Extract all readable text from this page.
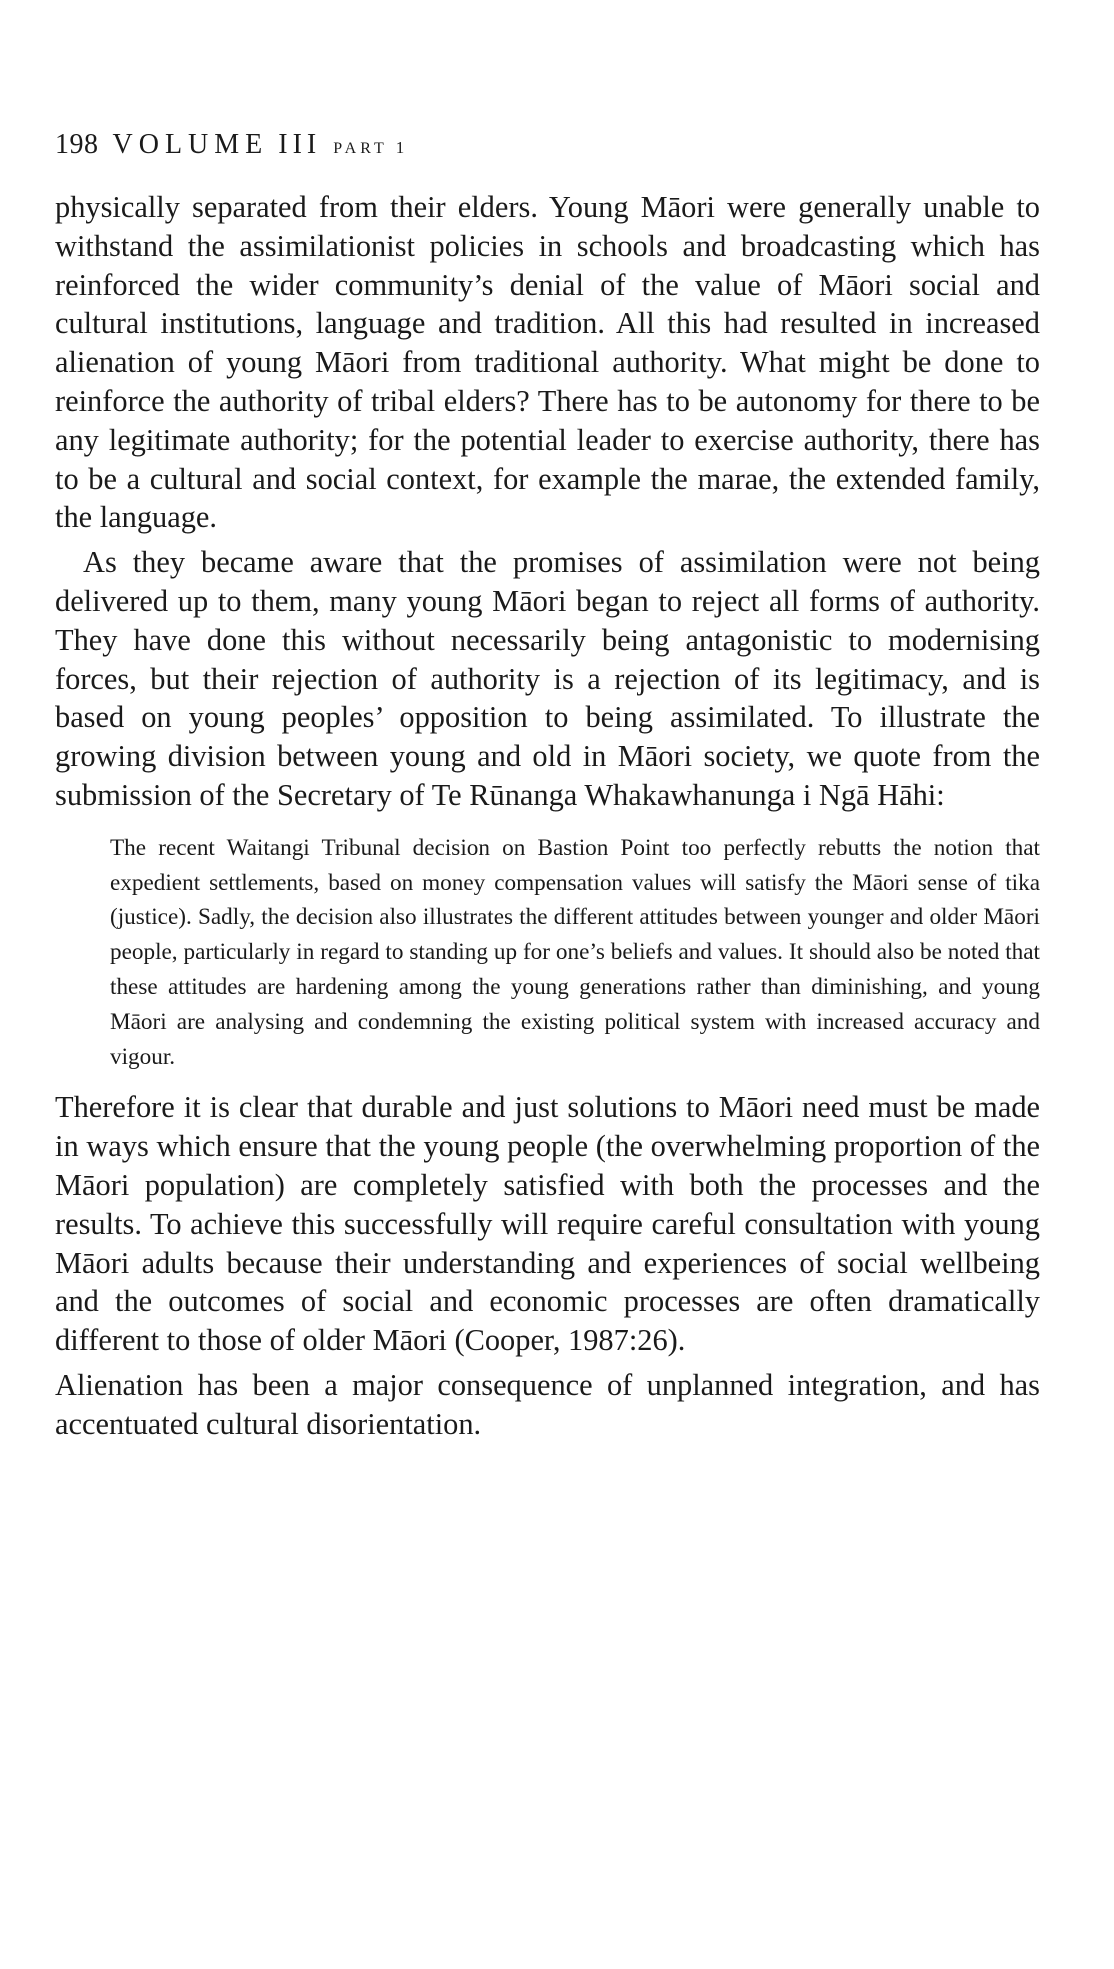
198 VOLUME III PART 1

physically separated from their elders. Young Māori were generally unable to withstand the assimilationist policies in schools and broadcasting which has reinforced the wider community’s denial of the value of Māori social and cultural institutions, language and tradition. All this had resulted in increased alienation of young Māori from traditional authority. What might be done to reinforce the authority of tribal elders? There has to be autonomy for there to be any legitimate authority; for the potential leader to exercise authority, there has to be a cultural and social context, for example the marae, the extended family, the language.

As they became aware that the promises of assimilation were not being delivered up to them, many young Māori began to reject all forms of authority. They have done this without necessarily being antagonistic to modernising forces, but their rejection of authority is a rejection of its legitimacy, and is based on young peoples’ opposition to being assimilated. To illustrate the growing division between young and old in Māori society, we quote from the submission of the Secretary of Te Rūnanga Whakawhanunga i Ngā Hāhi:

The recent Waitangi Tribunal decision on Bastion Point too perfectly rebutts the notion that expedient settlements, based on money compensation values will satisfy the Māori sense of tika (justice). Sadly, the decision also illustrates the different attitudes between younger and older Māori people, particularly in regard to standing up for one’s beliefs and values. It should also be noted that these attitudes are hardening among the young generations rather than diminishing, and young Māori are analysing and condemning the existing political system with increased accuracy and vigour.

Therefore it is clear that durable and just solutions to Māori need must be made in ways which ensure that the young people (the overwhelming proportion of the Māori population) are completely satisfied with both the processes and the results. To achieve this successfully will require careful consultation with young Māori adults because their understanding and experiences of social wellbeing and the outcomes of social and economic processes are often dramatically different to those of older Māori (Cooper, 1987:26).

Alienation has been a major consequence of unplanned integration, and has accentuated cultural disorientation.
